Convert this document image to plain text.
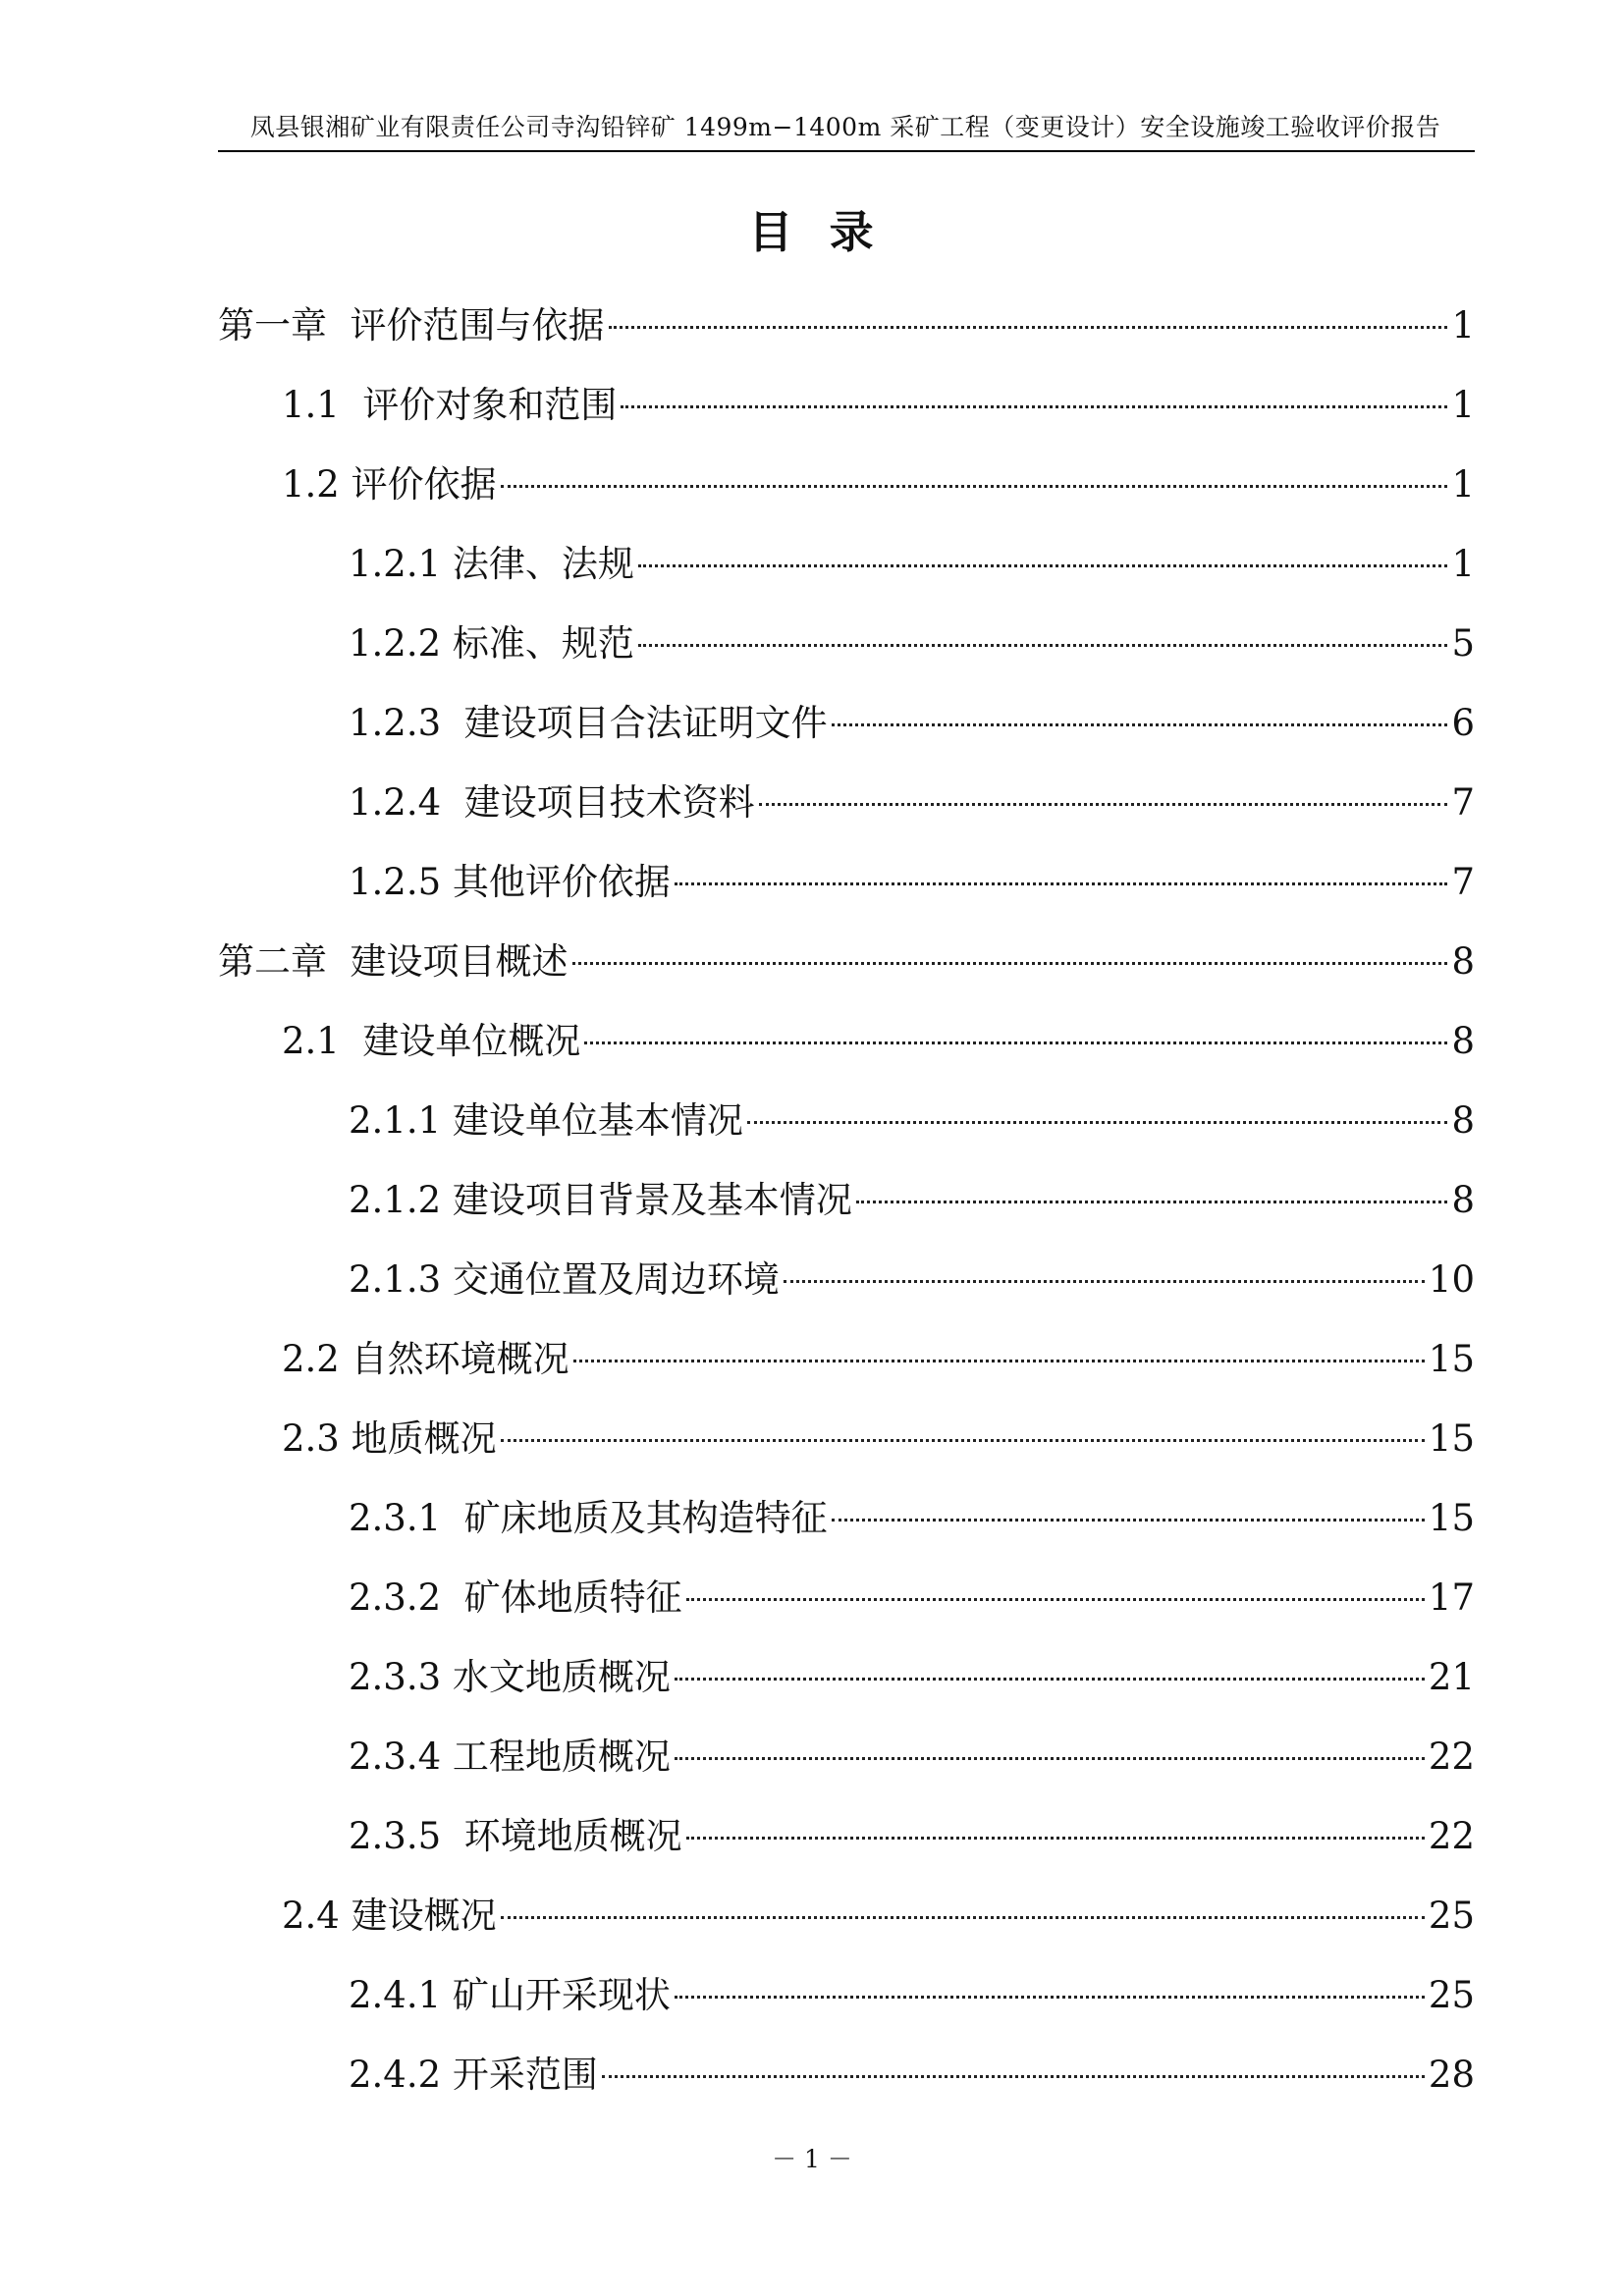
凤县银湘矿业有限责任公司寺沟铅锌矿 1499m−1400m 采矿工程（变更设计）安全设施竣工验收评价报告
目  录
第一章  评价范围与依据	1
1.1  评价对象和范围	1
1.2 评价依据	1
1.2.1 法律、法规	1
1.2.2 标准、规范	5
1.2.3  建设项目合法证明文件	6
1.2.4  建设项目技术资料	7
1.2.5 其他评价依据	7
第二章  建设项目概述	8
2.1  建设单位概况	8
2.1.1 建设单位基本情况	8
2.1.2 建设项目背景及基本情况	8
2.1.3 交通位置及周边环境	10
2.2 自然环境概况	15
2.3 地质概况	15
2.3.1  矿床地质及其构造特征	15
2.3.2  矿体地质特征	17
2.3.3 水文地质概况	21
2.3.4 工程地质概况	22
2.3.5  环境地质概况	22
2.4 建设概况	25
2.4.1 矿山开采现状	25
2.4.2 开采范围	28
－ 1 －
